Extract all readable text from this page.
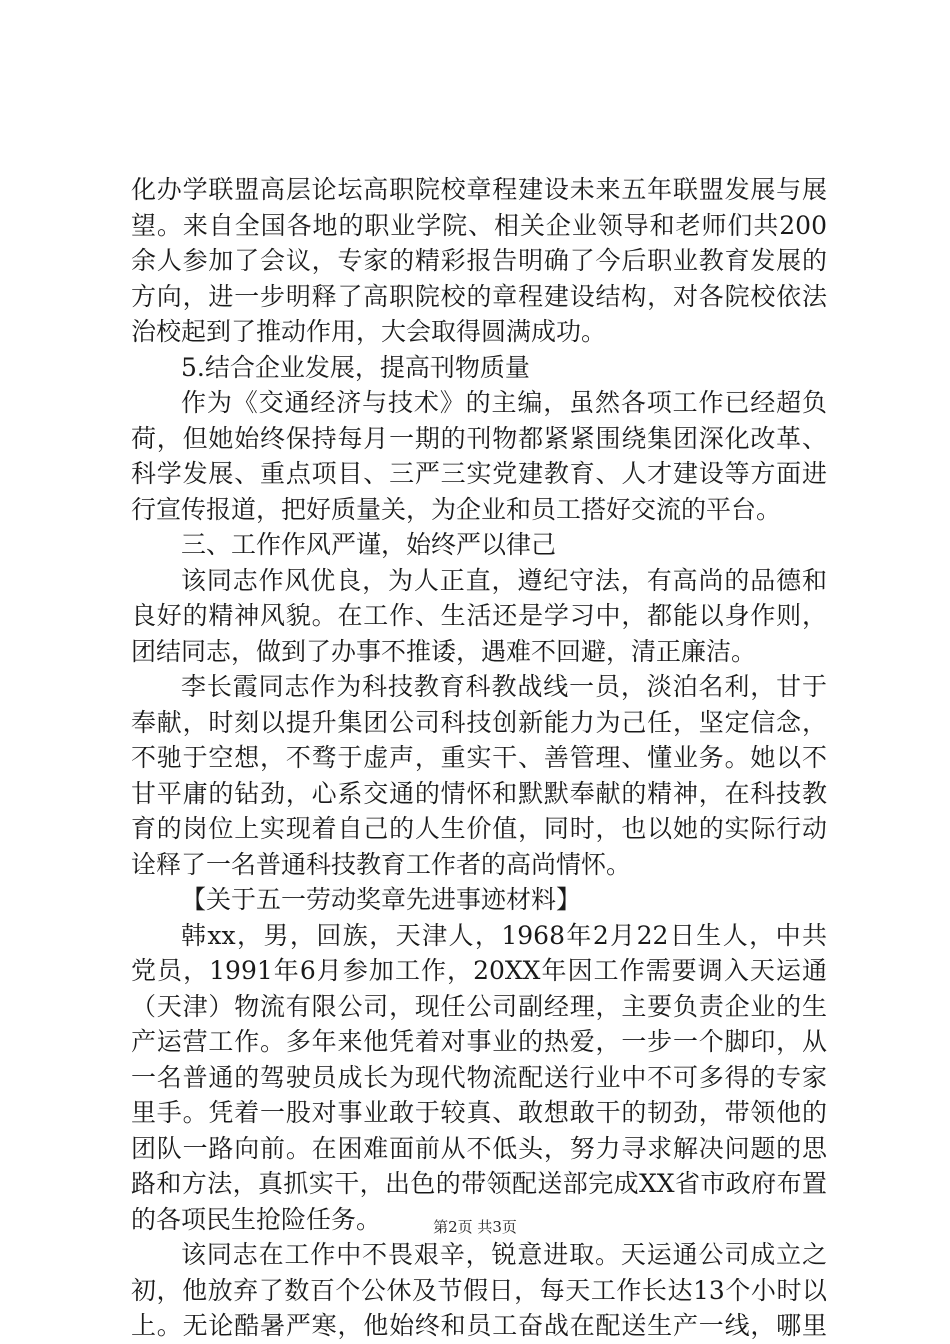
化办学联盟高层论坛高职院校章程建设未来五年联盟发展与展
望。来自全国各地的职业学院、相关企业领导和老师们共200
余人参加了会议，专家的精彩报告明确了今后职业教育发展的
方向，进一步明释了高职院校的章程建设结构，对各院校依法
治校起到了推动作用，大会取得圆满成功。
5.结合企业发展，提高刊物质量
作为《交通经济与技术》的主编，虽然各项工作已经超负
荷，但她始终保持每月一期的刊物都紧紧围绕集团深化改革、
科学发展、重点项目、三严三实党建教育、人才建设等方面进
行宣传报道，把好质量关，为企业和员工搭好交流的平台。
三、工作作风严谨，始终严以律己
该同志作风优良，为人正直，遵纪守法，有高尚的品德和
良好的精神风貌。在工作、生活还是学习中，都能以身作则，
团结同志，做到了办事不推诿，遇难不回避，清正廉洁。
李长霞同志作为科技教育科教战线一员，淡泊名利，甘于
奉献，时刻以提升集团公司科技创新能力为己任，坚定信念，
不驰于空想，不骛于虚声，重实干、善管理、懂业务。她以不
甘平庸的钻劲，心系交通的情怀和默默奉献的精神，在科技教
育的岗位上实现着自己的人生价值，同时，也以她的实际行动
诠释了一名普通科技教育工作者的高尚情怀。
【关于五一劳动奖章先进事迹材料】
韩xx，男，回族，天津人，1968年2月22日生人，中共
党员，1991年6月参加工作，20XX年因工作需要调入天运通
（天津）物流有限公司，现任公司副经理，主要负责企业的生
产运营工作。多年来他凭着对事业的热爱，一步一个脚印，从
一名普通的驾驶员成长为现代物流配送行业中不可多得的专家
里手。凭着一股对事业敢于较真、敢想敢干的韧劲，带领他的
团队一路向前。在困难面前从不低头，努力寻求解决问题的思
路和方法，真抓实干，出色的带领配送部完成XX省市政府布置
的各项民生抢险任务。
该同志在工作中不畏艰辛，锐意进取。天运通公司成立之
初，他放弃了数百个公休及节假日，每天工作长达13个小时以
上。无论酷暑严寒，他始终和员工奋战在配送生产一线，哪里
第2页 共3页
